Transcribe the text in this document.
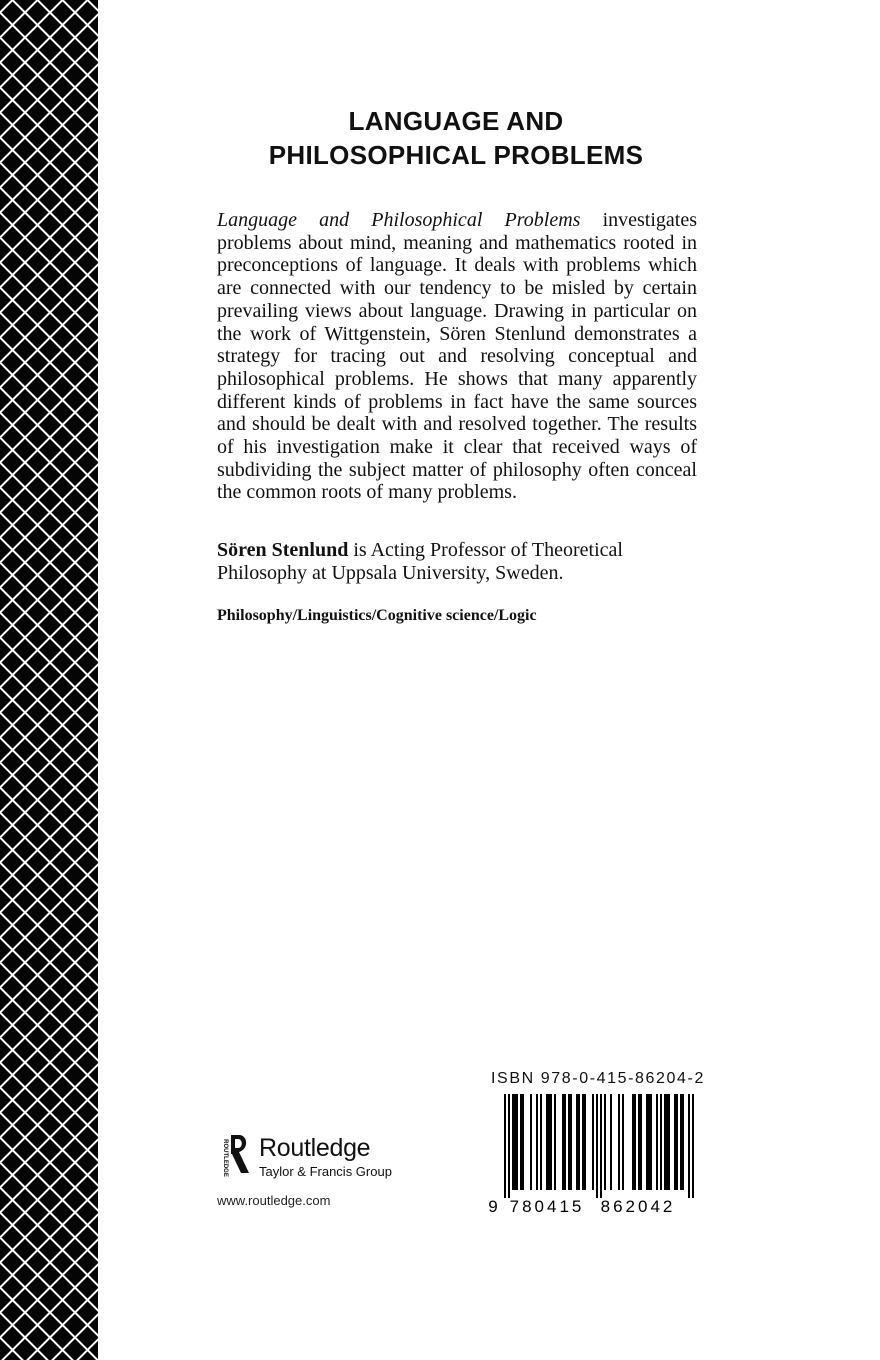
LANGUAGE AND
PHILOSOPHICAL PROBLEMS

Language and Philosophical Problems investigates problems about mind, meaning and mathematics rooted in preconceptions of language. It deals with problems which are connected with our tendency to be misled by certain prevailing views about language. Drawing in particular on the work of Wittgenstein, Sören Stenlund demonstrates a strategy for tracing out and resolving conceptual and philosophical problems. He shows that many apparently different kinds of problems in fact have the same sources and should be dealt with and resolved together. The results of his investigation make it clear that received ways of subdividing the subject matter of philosophy often conceal the common roots of many problems.

Sören Stenlund is Acting Professor of Theoretical Philosophy at Uppsala University, Sweden.

Philosophy/Linguistics/Cognitive science/Logic

ROUTLEDGE Routledge
Taylor & Francis Group
www.routledge.com
ISBN 978-0-415-86204-2
9 780415 862042
